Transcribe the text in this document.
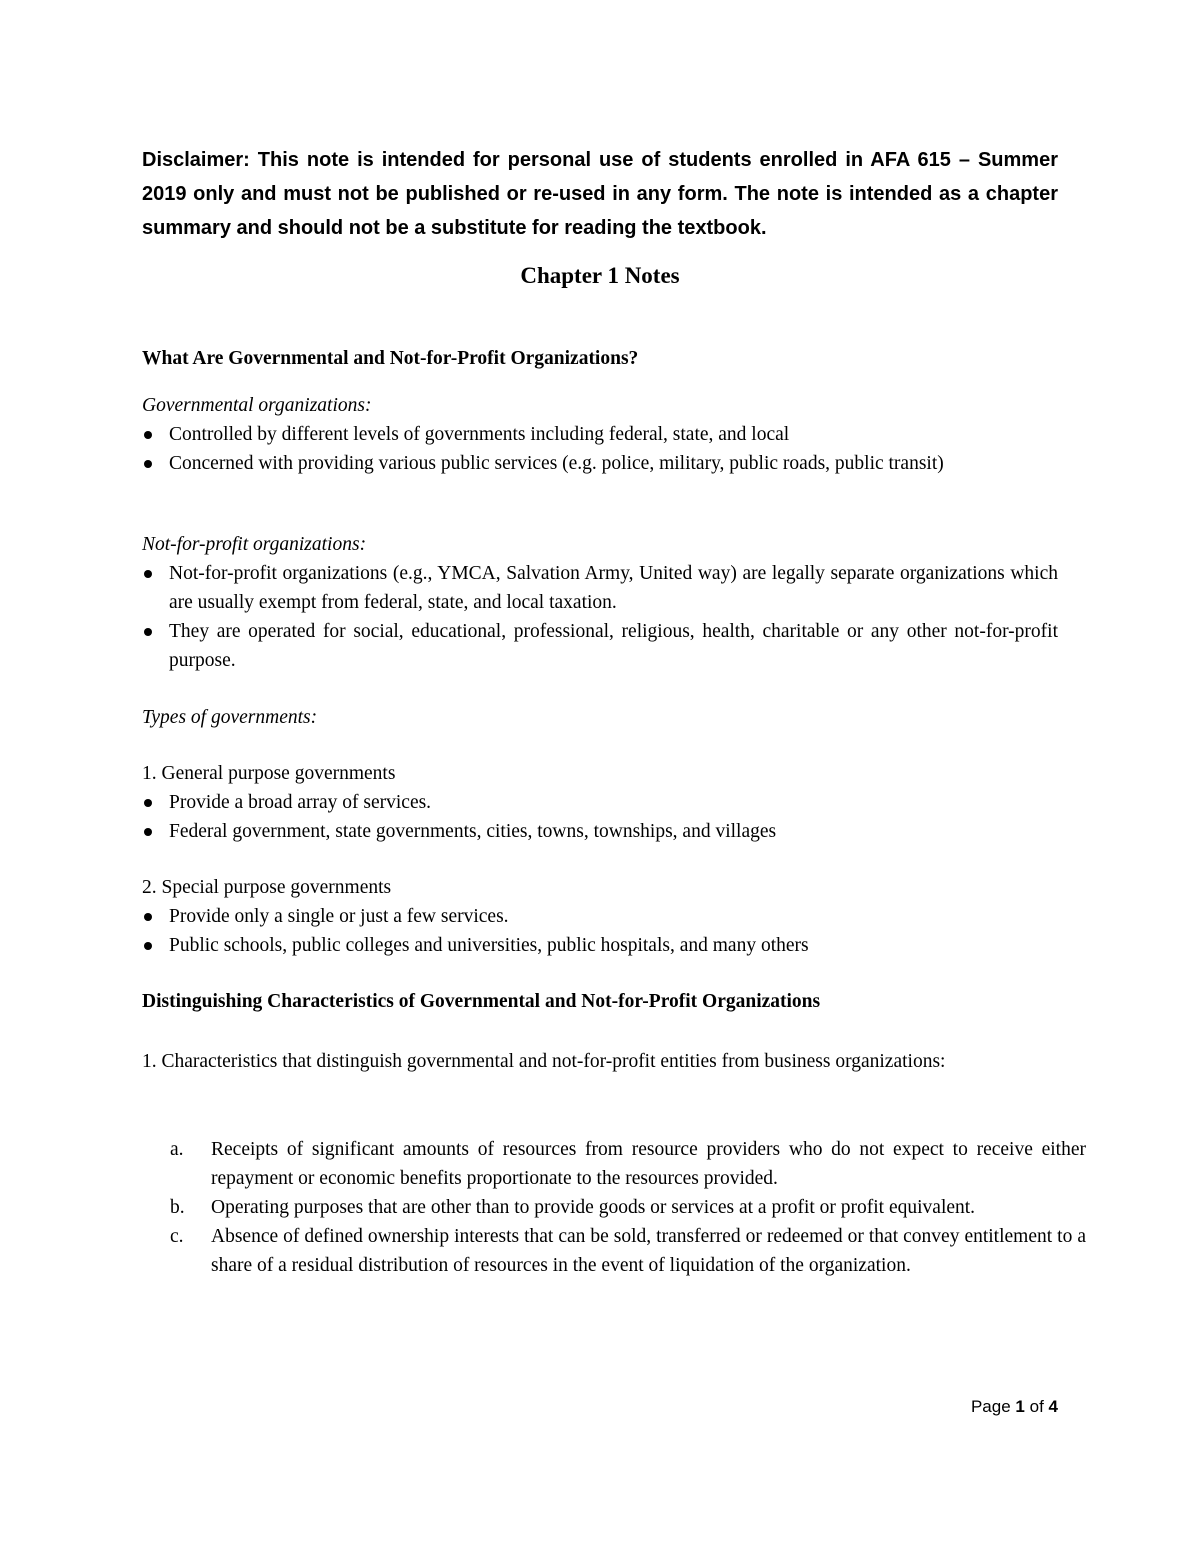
Disclaimer: This note is intended for personal use of students enrolled in AFA 615 – Summer 2019 only and must not be published or re-used in any form. The note is intended as a chapter summary and should not be a substitute for reading the textbook.
Chapter 1 Notes
What Are Governmental and Not-for-Profit Organizations?
Governmental organizations:
Controlled by different levels of governments including federal, state, and local
Concerned with providing various public services (e.g. police, military, public roads, public transit)
Not-for-profit organizations:
Not-for-profit organizations (e.g., YMCA, Salvation Army, United way) are legally separate organizations which are usually exempt from federal, state, and local taxation.
They are operated for social, educational, professional, religious, health, charitable or any other not-for-profit purpose.
Types of governments:
1. General purpose governments
Provide a broad array of services.
Federal government, state governments, cities, towns, townships, and villages
2. Special purpose governments
Provide only a single or just a few services.
Public schools, public colleges and universities, public hospitals, and many others
Distinguishing Characteristics of Governmental and Not-for-Profit Organizations
1. Characteristics that distinguish governmental and not-for-profit entities from business organizations:
a. Receipts of significant amounts of resources from resource providers who do not expect to receive either repayment or economic benefits proportionate to the resources provided.
b. Operating purposes that are other than to provide goods or services at a profit or profit equivalent.
c. Absence of defined ownership interests that can be sold, transferred or redeemed or that convey entitlement to a share of a residual distribution of resources in the event of liquidation of the organization.
Page 1 of 4
